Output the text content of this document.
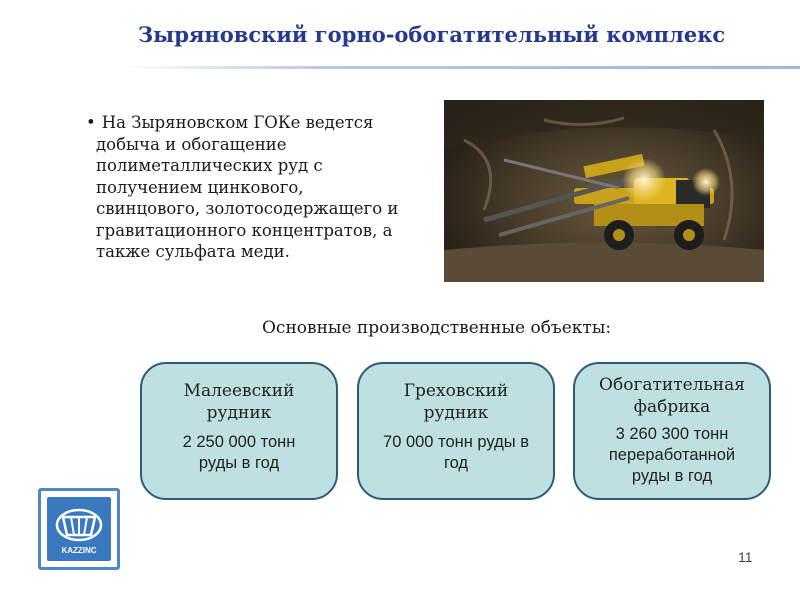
Зыряновский горно-обогатительный комплекс

• На Зыряновском ГОКе ведется
добыча и обогащение
полиметаллических руд с
получением цинкового,
свинцового, золотосодержащего и
гравитационного концентратов, а
также сульфата меди.

Основные производственные объекты:

Малеевский
рудник
2 250 000 тонн
руды в год
Греховский
рудник
70 000 тонн руды в
год
Обогатительная
фабрика
3 260 300 тонн
переработанной
руды в год
KAZZINC	11
